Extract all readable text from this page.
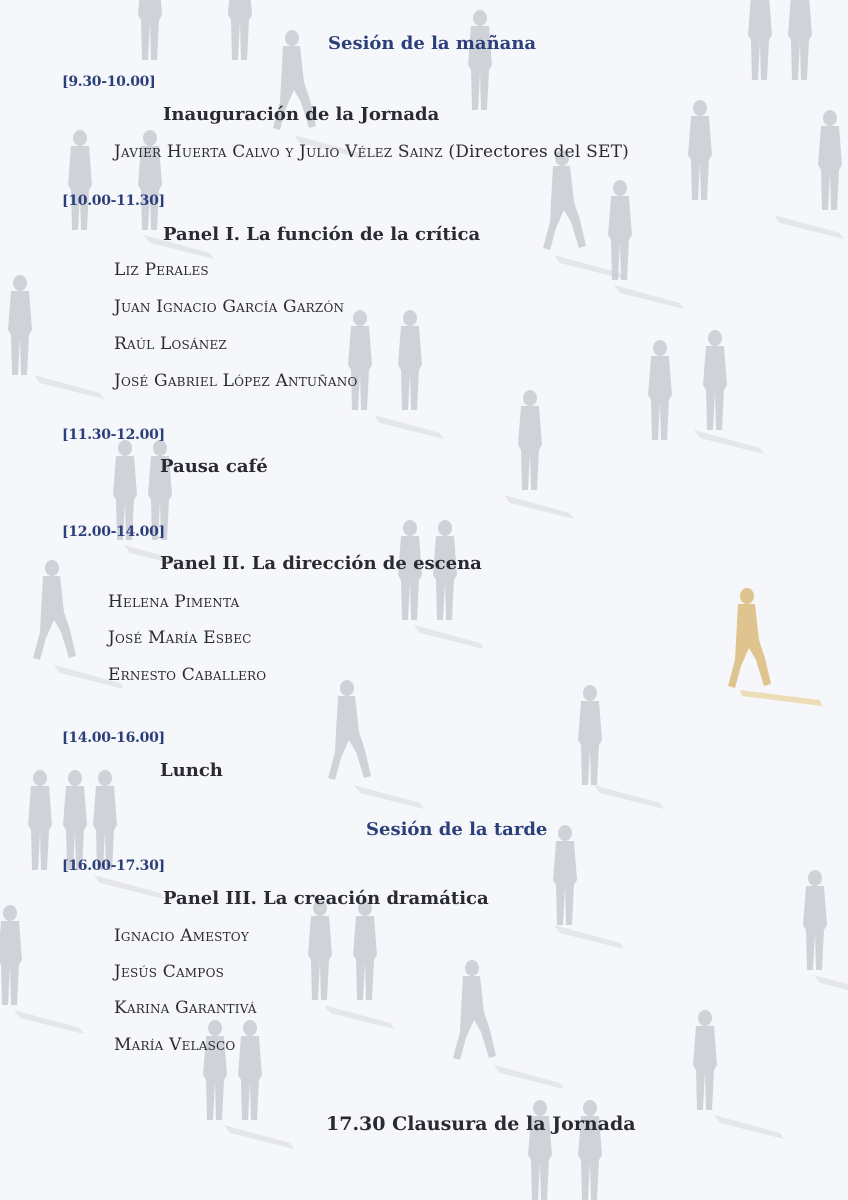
Sesión de la mañana
[9.30-10.00]
Inauguración de la Jornada
Javier Huerta Calvo y Julio Vélez Sainz (Directores del SET)
[10.00-11.30]
Panel I. La función de la crítica
Liz Perales
Juan Ignacio García Garzón
Raúl Losánez
José Gabriel López Antuñano
[11.30-12.00]
Pausa café
[12.00-14.00]
Panel II. La dirección de escena
Helena Pimenta
José María Esbec
Ernesto Caballero
[14.00-16.00]
Lunch
Sesión de la tarde
[16.00-17.30]
Panel III. La creación dramática
Ignacio Amestoy
Jesús Campos
Karina Garantivá
María Velasco
17.30 Clausura de la Jornada
